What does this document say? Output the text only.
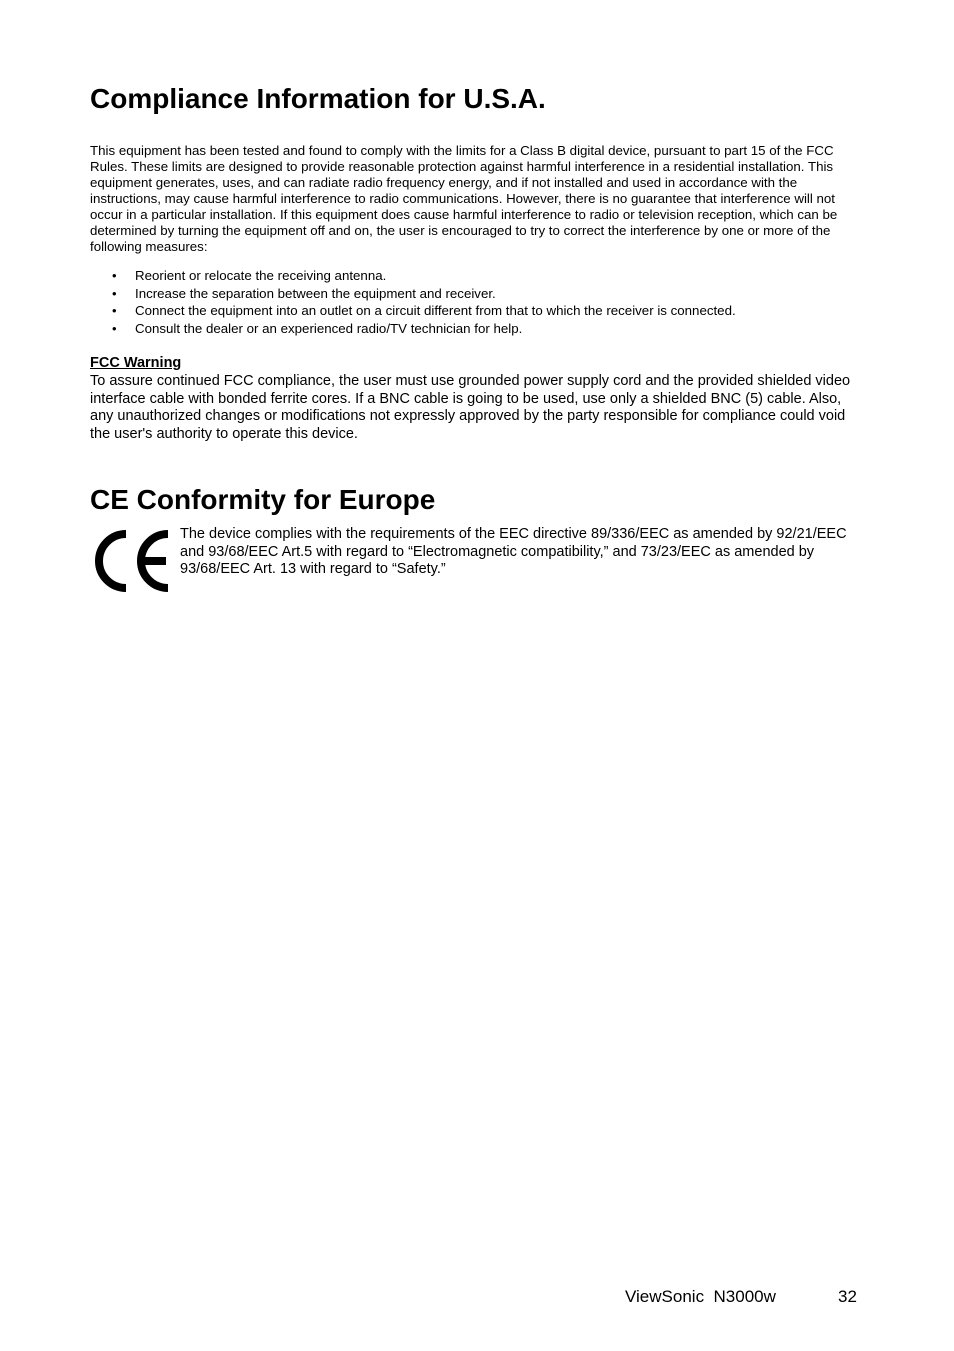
Compliance Information for U.S.A.

This equipment has been tested and found to comply with the limits for a Class B digital device, pursuant to part 15 of the FCC Rules. These limits are designed to provide reasonable protection against harmful interference in a residential installation. This equipment generates, uses, and can radiate radio frequency energy, and if not installed and used in accordance with the instructions, may cause harmful interference to radio communications. However, there is no guarantee that interference will not occur in a particular installation. If this equipment does cause harmful interference to radio or television reception, which can be determined by turning the equipment off and on, the user is encouraged to try to correct the interference by one or more of the following measures:

• Reorient or relocate the receiving antenna.
• Increase the separation between the equipment and receiver.
• Connect the equipment into an outlet on a circuit different from that to which the receiver is connected.
• Consult the dealer or an experienced radio/TV technician for help.
FCC Warning

To assure continued FCC compliance, the user must use grounded power supply cord and the provided shielded video interface cable with bonded ferrite cores. If a BNC cable is going to be used, use only a shielded BNC (5) cable. Also, any unauthorized changes or modifications not expressly approved by the party responsible for compliance could void the user's authority to operate this device.

CE Conformity for Europe

The device complies with the requirements of the EEC directive 89/336/EEC as amended by 92/21/EEC and 93/68/EEC Art.5 with regard to “Electromagnetic compatibility,” and 73/23/EEC as amended by 93/68/EEC Art. 13 with regard to “Safety.”

ViewSonic  N3000w	32
